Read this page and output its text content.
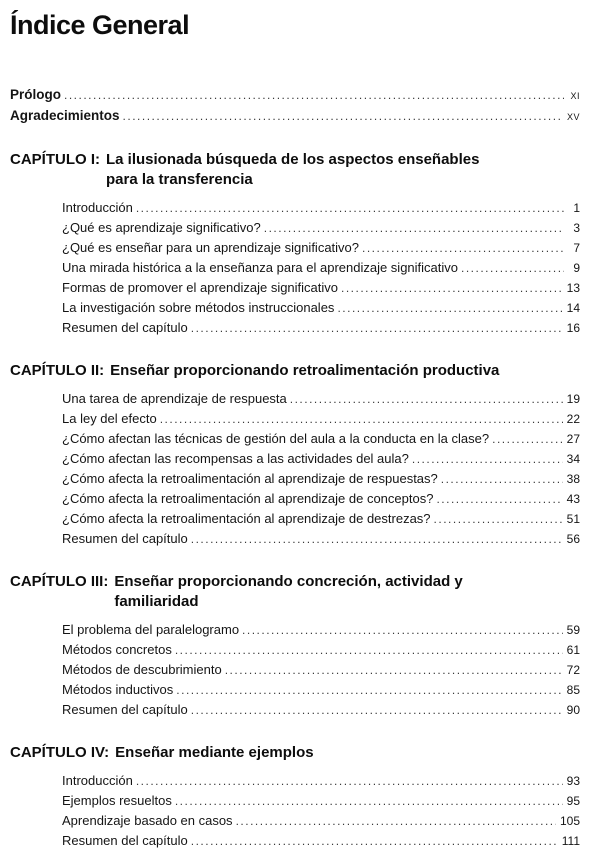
Índice General
Prólogo .....	XI
Agradecimientos .....	XV
CAPÍTULO I: La ilusionada búsqueda de los aspectos enseñables para la transferencia
Introducción .....	1
¿Qué es aprendizaje significativo? .....	3
¿Qué es enseñar para un aprendizaje significativo? .....	7
Una mirada histórica a la enseñanza para el aprendizaje significativo .....	9
Formas de promover el aprendizaje significativo .....	13
La investigación sobre métodos instruccionales .....	14
Resumen del capítulo .....	16
CAPÍTULO II: Enseñar proporcionando retroalimentación productiva
Una tarea de aprendizaje de respuesta .....	19
La ley del efecto .....	22
¿Cómo afectan las técnicas de gestión del aula a la conducta en la clase? .....	27
¿Cómo afectan las recompensas a las actividades del aula? .....	34
¿Cómo afecta la retroalimentación al aprendizaje de respuestas? .....	38
¿Cómo afecta la retroalimentación al aprendizaje de conceptos? .....	43
¿Cómo afecta la retroalimentación al aprendizaje de destrezas? .....	51
Resumen del capítulo .....	56
CAPÍTULO III: Enseñar proporcionando concreción, actividad y familiaridad
El problema del paralelogramo .....	59
Métodos concretos .....	61
Métodos de descubrimiento .....	72
Métodos inductivos .....	85
Resumen del capítulo .....	90
CAPÍTULO IV: Enseñar mediante ejemplos
Introducción .....	93
Ejemplos resueltos .....	95
Aprendizaje basado en casos .....	105
Resumen del capítulo .....	111
